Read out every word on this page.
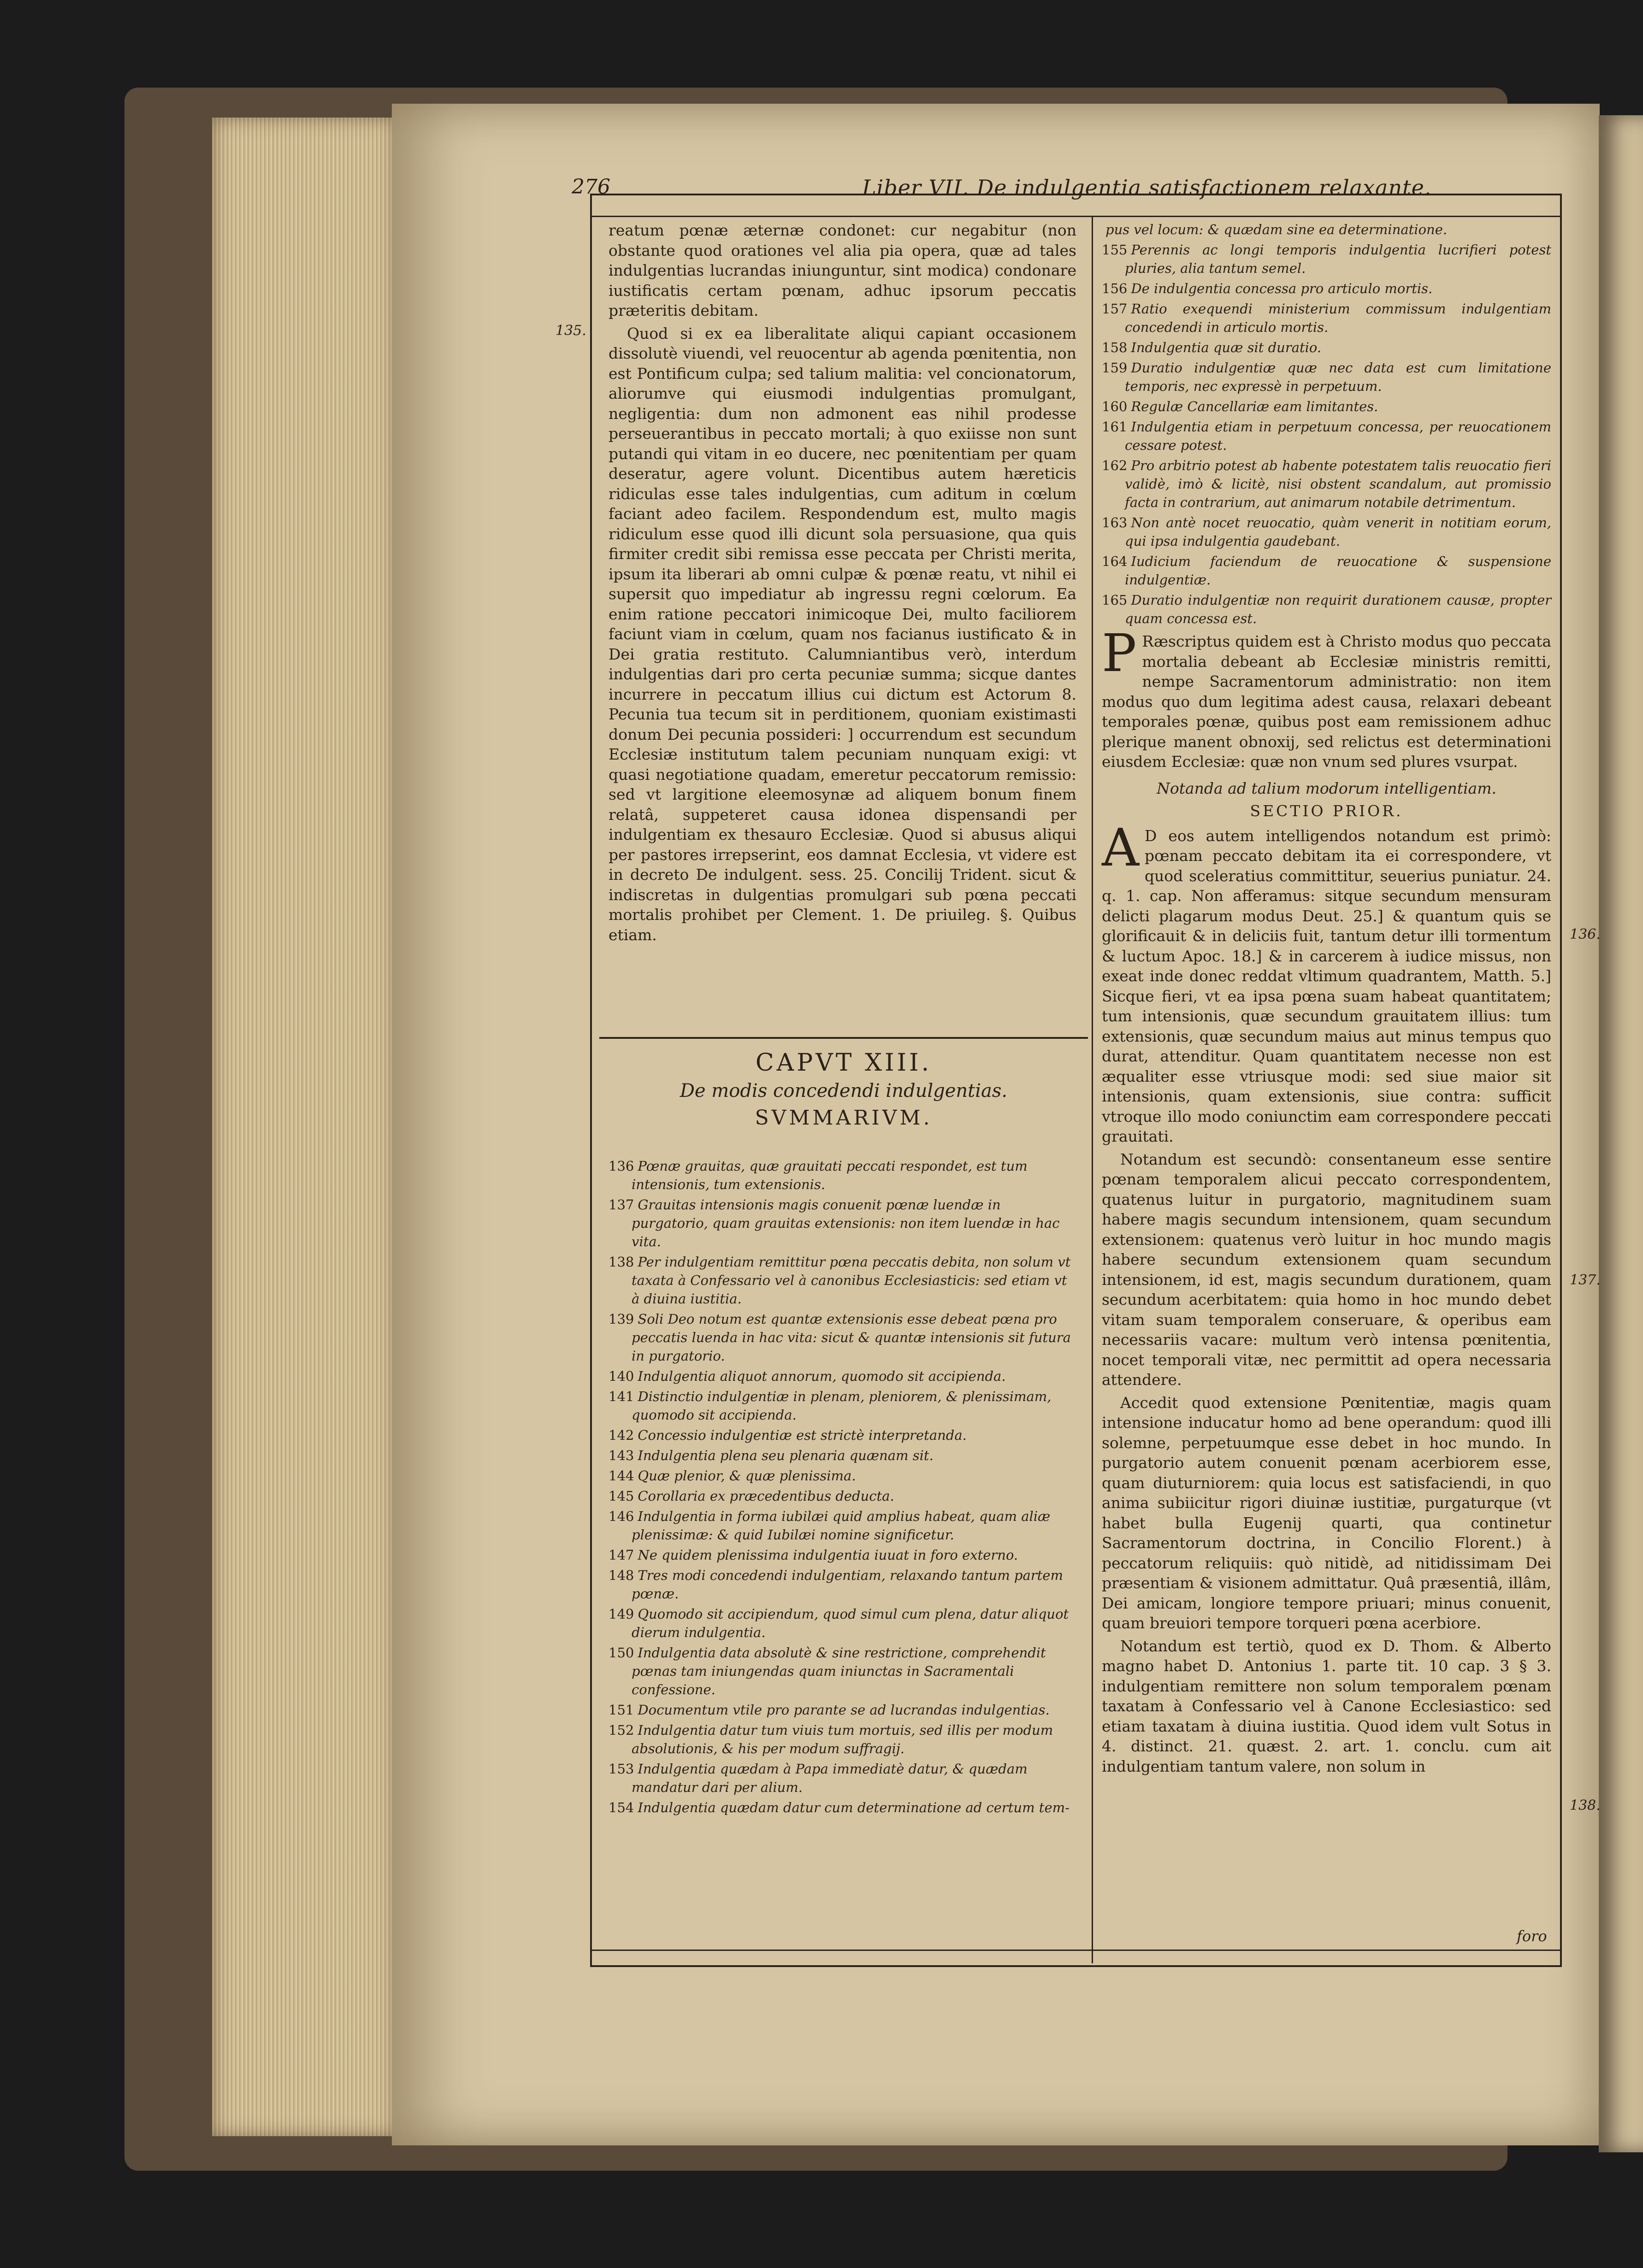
276	Liber VII. De indulgentia satisfactionem relaxante.
135.

reatum pœnæ æternæ condonet: cur negabitur (non obstante quod orationes vel alia pia opera, quæ ad tales indulgentias lucrandas iniunguntur, sint modica) condonare iustificatis certam pœnam, adhuc ipsorum peccatis præteritis debitam.

Quod si ex ea liberalitate aliqui capiant occasionem dissolutè viuendi, vel reuocentur ab agenda pœnitentia, non est Pontificum culpa; sed talium malitia: vel concionatorum, aliorumve qui eiusmodi indulgentias promulgant, negligentia: dum non admonent eas nihil prodesse perseuerantibus in peccato mortali; à quo exiisse non sunt putandi qui vitam in eo ducere, nec pœnitentiam per quam deseratur, agere volunt. Dicentibus autem hæreticis ridiculas esse tales indulgentias, cum aditum in cœlum faciant adeo facilem. Respondendum est, multo magis ridiculum esse quod illi dicunt sola persuasione, qua quis firmiter credit sibi remissa esse peccata per Christi merita, ipsum ita liberari ab omni culpæ & pœnæ reatu, vt nihil ei supersit quo impediatur ab ingressu regni cœlorum. Ea enim ratione peccatori inimicoque Dei, multo faciliorem faciunt viam in cœlum, quam nos facianus iustificato & in Dei gratia restituto. Calumniantibus verò, interdum indulgentias dari pro certa pecuniæ summa; sicque dantes incurrere in peccatum illius cui dictum est Actorum 8. Pecunia tua tecum sit in perditionem, quoniam existimasti donum Dei pecunia possideri: ] occurrendum est secundum Ecclesiæ institutum talem pecuniam nunquam exigi: vt quasi negotiatione quadam, emeretur peccatorum remissio: sed vt largitione eleemosynæ ad aliquem bonum finem relatâ, suppeteret causa idonea dispensandi per indulgentiam ex thesauro Ecclesiæ. Quod si abusus aliqui per pastores irrepserint, eos damnat Ecclesia, vt videre est in decreto De indulgent. sess. 25. Concilij Trident. sicut & indiscretas in dulgentias promulgari sub pœna peccati mortalis prohibet per Clement. 1. De priuileg. §. Quibus etiam.

CAPVT XIII.
De modis concedendi indulgentias.
SVMMARIVM.
136 Pœnæ grauitas, quæ grauitati peccati respondet, est tum intensionis, tum extensionis.
137 Grauitas intensionis magis conuenit pœnæ luendæ in purgatorio, quam grauitas extensionis: non item luendæ in hac vita.
138 Per indulgentiam remittitur pœna peccatis debita, non solum vt taxata à Confessario vel à canonibus Ecclesiasticis: sed etiam vt à diuina iustitia.
139 Soli Deo notum est quantæ extensionis esse debeat pœna pro peccatis luenda in hac vita: sicut & quantæ intensionis sit futura in purgatorio.
140 Indulgentia aliquot annorum, quomodo sit accipienda.
141 Distinctio indulgentiæ in plenam, pleniorem, & plenissimam, quomodo sit accipienda.
142 Concessio indulgentiæ est strictè interpretanda.
143 Indulgentia plena seu plenaria quænam sit.
144 Quæ plenior, & quæ plenissima.
145 Corollaria ex præcedentibus deducta.
146 Indulgentia in forma iubilæi quid amplius habeat, quam aliæ plenissimæ: & quid Iubilæi nomine significetur.
147 Ne quidem plenissima indulgentia iuuat in foro externo.
148 Tres modi concedendi indulgentiam, relaxando tantum partem pœnæ.
149 Quomodo sit accipiendum, quod simul cum plena, datur aliquot dierum indulgentia.
150 Indulgentia data absolutè & sine restrictione, comprehendit pœnas tam iniungendas quam iniunctas in Sacramentali confessione.
151 Documentum vtile pro parante se ad lucrandas indulgentias.
152 Indulgentia datur tum viuis tum mortuis, sed illis per modum absolutionis, & his per modum suffragij.
153 Indulgentia quædam à Papa immediatè datur, & quædam mandatur dari per alium.
154 Indulgentia quædam datur cum determinatione ad certum tem-
pus vel locum: & quædam sine ea determinatione.
155 Perennis ac longi temporis indulgentia lucrifieri potest pluries, alia tantum semel.
156 De indulgentia concessa pro articulo mortis.
157 Ratio exequendi ministerium commissum indulgentiam concedendi in articulo mortis.
158 Indulgentia quæ sit duratio.
159 Duratio indulgentiæ quæ nec data est cum limitatione temporis, nec expressè in perpetuum.
160 Regulæ Cancellariæ eam limitantes.
161 Indulgentia etiam in perpetuum concessa, per reuocationem cessare potest.
162 Pro arbitrio potest ab habente potestatem talis reuocatio fieri validè, imò & licitè, nisi obstent scandalum, aut promissio facta in contrarium, aut animarum notabile detrimentum.
163 Non antè nocet reuocatio, quàm venerit in notitiam eorum, qui ipsa indulgentia gaudebant.
164 Iudicium faciendum de reuocatione & suspensione indulgentiæ.
165 Duratio indulgentiæ non requirit durationem causæ, propter quam concessa est.

P Ræscriptus quidem est à Christo modus quo peccata mortalia debeant ab Ecclesiæ ministris remitti, nempe Sacramentorum administratio: non item modus quo dum legitima adest causa, relaxari debeant temporales pœnæ, quibus post eam remissionem adhuc plerique manent obnoxij, sed relictus est determinationi eiusdem Ecclesiæ: quæ non vnum sed plures vsurpat.

Notanda ad talium modorum intelligentiam.

SECTIO PRIOR.

A D eos autem intelligendos notandum est primò: pœnam peccato debitam ita ei correspondere, vt quod sceleratius committitur, seuerius puniatur. 24. q. 1. cap. Non afferamus: sitque secundum mensuram delicti plagarum modus Deut. 25.] & quantum quis se glorificauit & in deliciis fuit, tantum detur illi tormentum & luctum Apoc. 18.] & in carcerem à iudice missus, non exeat inde donec reddat vltimum quadrantem, Matth. 5.] Sicque fieri, vt ea ipsa pœna suam habeat quantitatem; tum intensionis, quæ secundum grauitatem illius: tum extensionis, quæ secundum maius aut minus tempus quo durat, attenditur. Quam quantitatem necesse non est æqualiter esse vtriusque modi: sed siue maior sit intensionis, quam extensionis, siue contra: sufficit vtroque illo modo coniunctim eam correspondere peccati grauitati.

Notandum est secundò: consentaneum esse sentire pœnam temporalem alicui peccato correspondentem, quatenus luitur in purgatorio, magnitudinem suam habere magis secundum intensionem, quam secundum extensionem: quatenus verò luitur in hoc mundo magis habere secundum extensionem quam secundum intensionem, id est, magis secundum durationem, quam secundum acerbitatem: quia homo in hoc mundo debet vitam suam temporalem conseruare, & operibus eam necessariis vacare: multum verò intensa pœnitentia, nocet temporali vitæ, nec permittit ad opera necessaria attendere.

Accedit quod extensione Pœnitentiæ, magis quam intensione inducatur homo ad bene operandum: quod illi solemne, perpetuumque esse debet in hoc mundo. In purgatorio autem conuenit pœnam acerbiorem esse, quam diuturniorem: quia locus est satisfaciendi, in quo anima subiicitur rigori diuinæ iustitiæ, purgaturque (vt habet bulla Eugenij quarti, qua continetur Sacramentorum doctrina, in Concilio Florent.) à peccatorum reliquiis: quò nitidè, ad nitidissimam Dei præsentiam & visionem admittatur. Quâ præsentiâ, illâm, Dei amicam, longiore tempore priuari; minus conuenit, quam breuiori tempore torqueri pœna acerbiore.

Notandum est tertiò, quod ex D. Thom. & Alberto magno habet D. Antonius 1. parte tit. 10 cap. 3 § 3. indulgentiam remittere non solum temporalem pœnam taxatam à Confessario vel à Canone Ecclesiastico: sed etiam taxatam à diuina iustitia. Quod idem vult Sotus in 4. distinct. 21. quæst. 2. art. 1. conclu. cum ait indulgentiam tantum valere, non solum in

136.
137.
138.
foro
